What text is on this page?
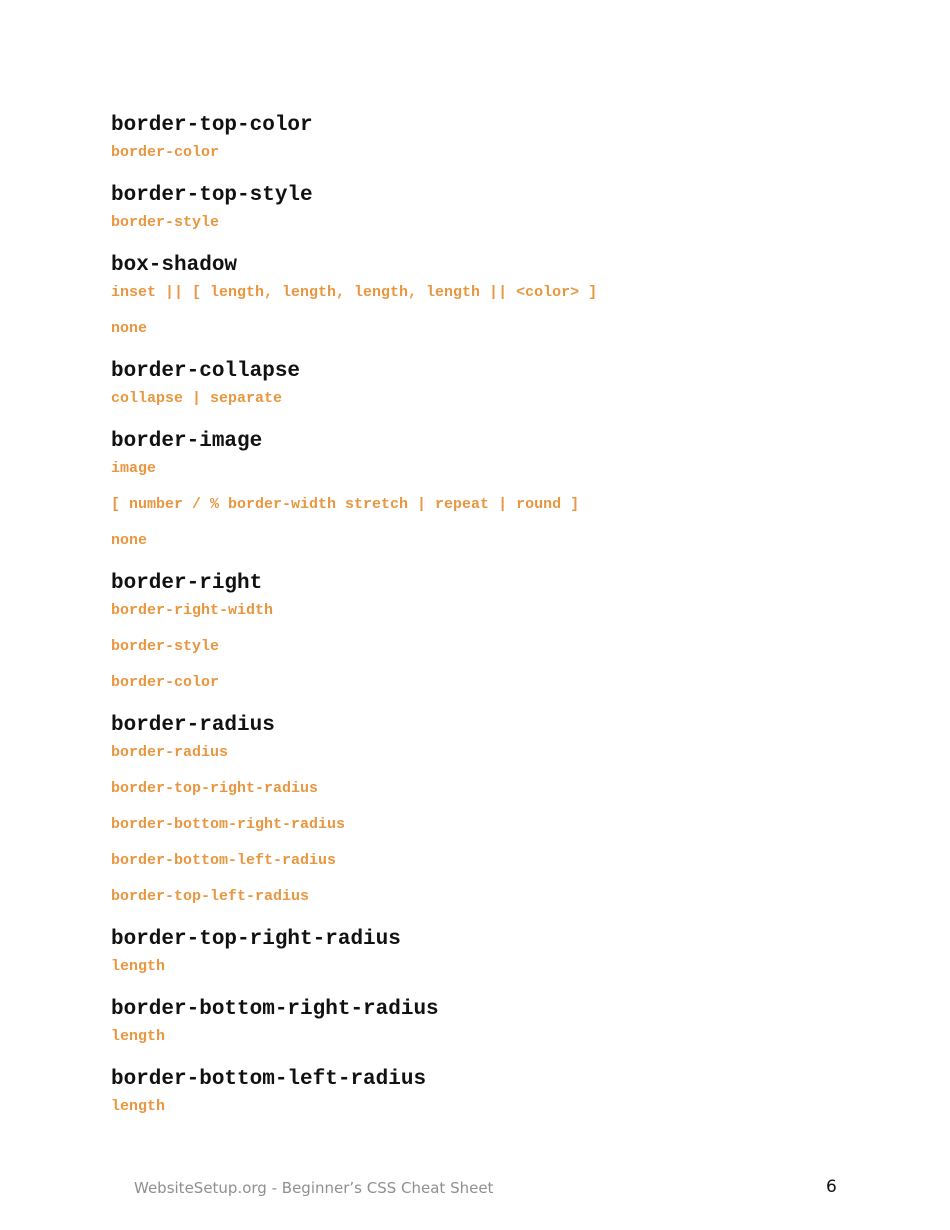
border-top-color
border-color
border-top-style
border-style
box-shadow
inset || [ length, length, length, length || <color> ]
none
border-collapse
collapse | separate
border-image
image
[ number / % border-width stretch | repeat | round ]
none
border-right
border-right-width
border-style
border-color
border-radius
border-radius
border-top-right-radius
border-bottom-right-radius
border-bottom-left-radius
border-top-left-radius
border-top-right-radius
length
border-bottom-right-radius
length
border-bottom-left-radius
length
WebsiteSetup.org - Beginner’s CSS Cheat Sheet	6
